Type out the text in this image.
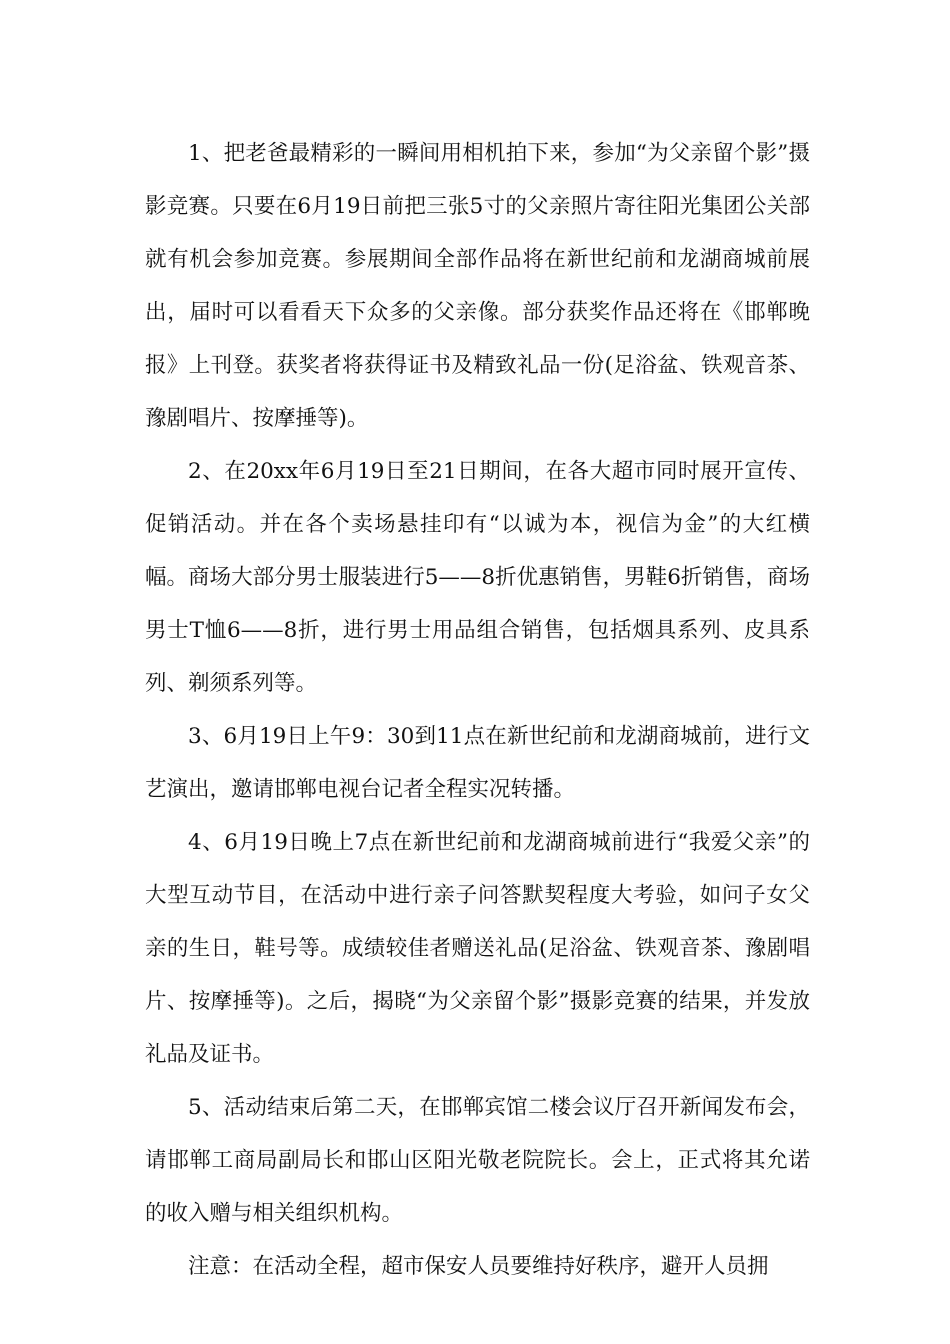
1、把老爸最精彩的一瞬间用相机拍下来，参加“为父亲留个影”摄影竞赛。只要在6月19日前把三张5寸的父亲照片寄往阳光集团公关部就有机会参加竞赛。参展期间全部作品将在新世纪前和龙湖商城前展出，届时可以看看天下众多的父亲像。部分获奖作品还将在《邯郸晚报》上刊登。获奖者将获得证书及精致礼品一份(足浴盆、铁观音茶、豫剧唱片、按摩捶等)。

2、在20xx年6月19日至21日期间，在各大超市同时展开宣传、促销活动。并在各个卖场悬挂印有“以诚为本，视信为金”的大红横幅。商场大部分男士服装进行5——8折优惠销售，男鞋6折销售，商场男士T恤6——8折，进行男士用品组合销售，包括烟具系列、皮具系列、剃须系列等。

3、6月19日上午9：30到11点在新世纪前和龙湖商城前，进行文艺演出，邀请邯郸电视台记者全程实况转播。

4、6月19日晚上7点在新世纪前和龙湖商城前进行“我爱父亲”的大型互动节目，在活动中进行亲子问答默契程度大考验，如问子女父亲的生日，鞋号等。成绩较佳者赠送礼品(足浴盆、铁观音茶、豫剧唱片、按摩捶等)。之后，揭晓“为父亲留个影”摄影竞赛的结果，并发放礼品及证书。

5、活动结束后第二天，在邯郸宾馆二楼会议厅召开新闻发布会，请邯郸工商局副局长和邯山区阳光敬老院院长。会上，正式将其允诺的收入赠与相关组织机构。

注意：在活动全程，超市保安人员要维持好秩序，避开人员拥
